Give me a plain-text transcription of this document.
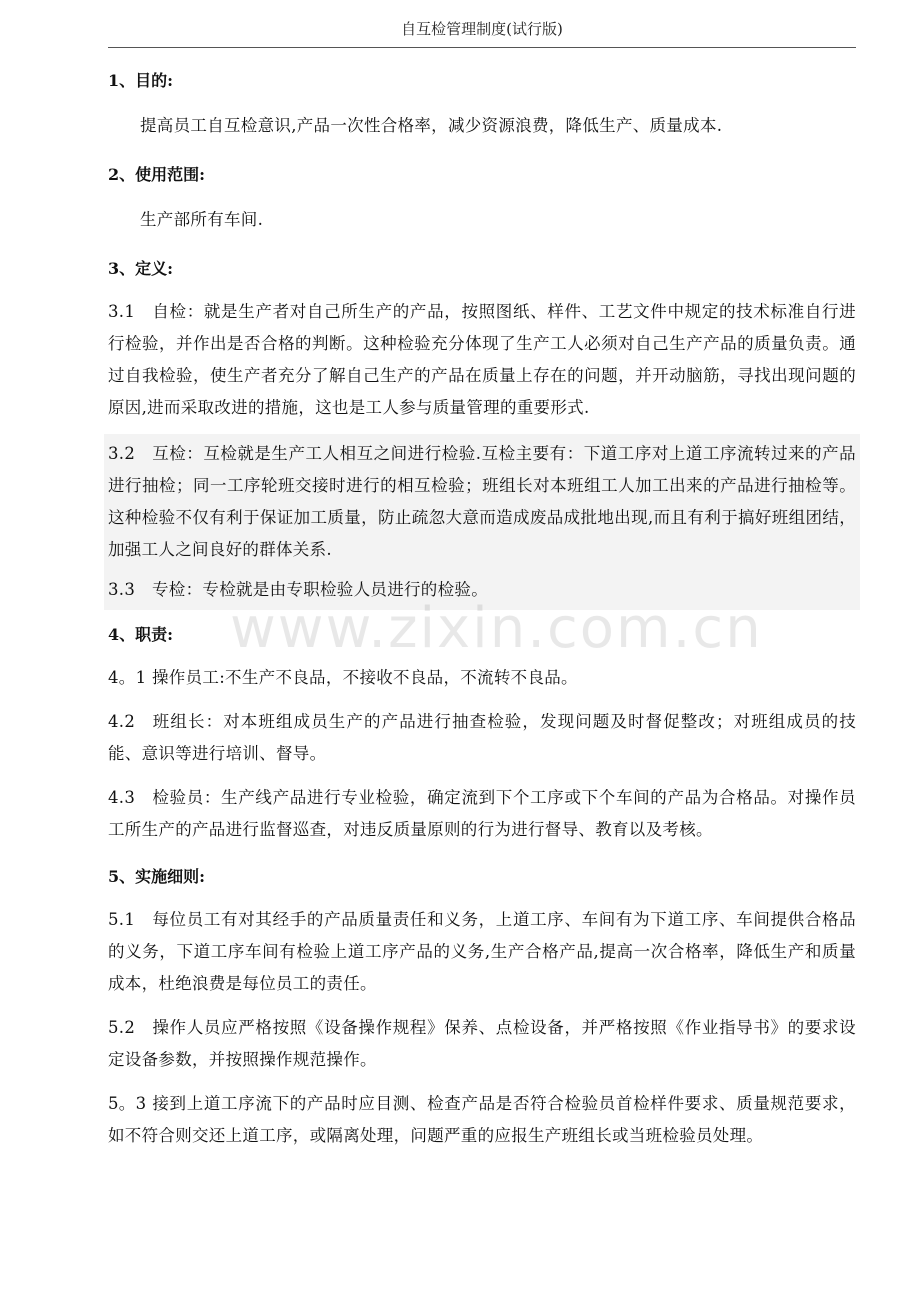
自互检管理制度(试行版)

1、目的:

提高员工自互检意识,产品一次性合格率，减少资源浪费，降低生产、质量成本.

2、使用范围:

生产部所有车间.

3、定义:

3.1 自检：就是生产者对自己所生产的产品，按照图纸、样件、工艺文件中规定的技术标准自行进行检验，并作出是否合格的判断。这种检验充分体现了生产工人必须对自己生产产品的质量负责。通过自我检验，使生产者充分了解自己生产的产品在质量上存在的问题，并开动脑筋，寻找出现问题的原因,进而采取改进的措施，这也是工人参与质量管理的重要形式.

3.2 互检：互检就是生产工人相互之间进行检验.互检主要有：下道工序对上道工序流转过来的产品进行抽检；同一工序轮班交接时进行的相互检验；班组长对本班组工人加工出来的产品进行抽检等。这种检验不仅有利于保证加工质量，防止疏忽大意而造成废品成批地出现,而且有利于搞好班组团结，加强工人之间良好的群体关系.

3.3 专检：专检就是由专职检验人员进行的检验。

4、职责:

4。1 操作员工:不生产不良品，不接收不良品，不流转不良品。

4.2 班组长：对本班组成员生产的产品进行抽查检验，发现问题及时督促整改；对班组成员的技能、意识等进行培训、督导。

4.3 检验员：生产线产品进行专业检验，确定流到下个工序或下个车间的产品为合格品。对操作员工所生产的产品进行监督巡查，对违反质量原则的行为进行督导、教育以及考核。

5、实施细则:

5.1 每位员工有对其经手的产品质量责任和义务，上道工序、车间有为下道工序、车间提供合格品的义务，下道工序车间有检验上道工序产品的义务,生产合格产品,提高一次合格率，降低生产和质量成本，杜绝浪费是每位员工的责任。

5.2 操作人员应严格按照《设备操作规程》保养、点检设备，并严格按照《作业指导书》的要求设定设备参数，并按照操作规范操作。

5。3 接到上道工序流下的产品时应目测、检查产品是否符合检验员首检样件要求、质量规范要求，如不符合则交还上道工序，或隔离处理，问题严重的应报生产班组长或当班检验员处理。

www.zixin.com.cn
